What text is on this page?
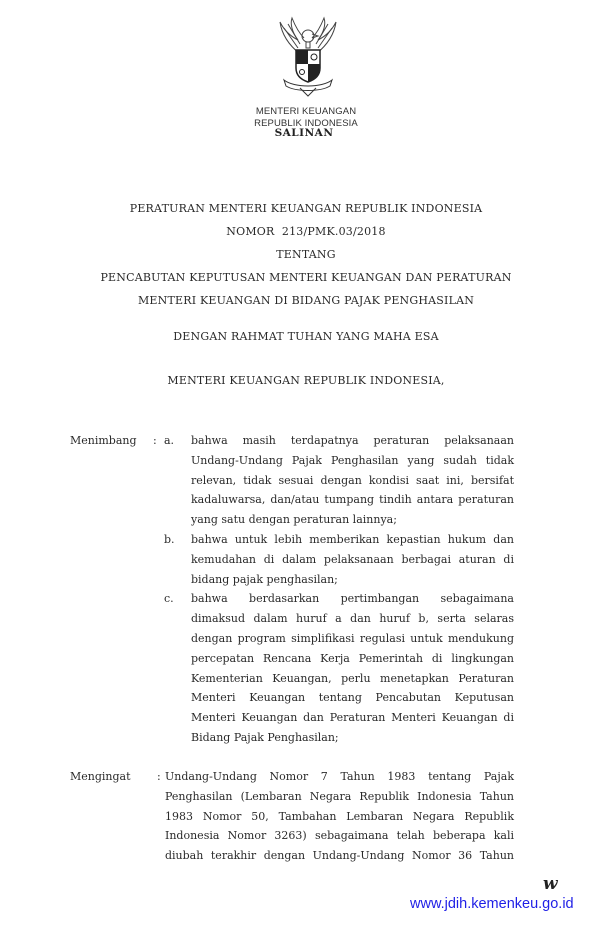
MENTERI KEUANGAN
REPUBLIK INDONESIA
SALINAN
PERATURAN MENTERI KEUANGAN REPUBLIK INDONESIA
NOMOR  213/PMK.03/2018
TENTANG
PENCABUTAN KEPUTUSAN MENTERI KEUANGAN DAN PERATURAN
MENTERI KEUANGAN DI BIDANG PAJAK PENGHASILAN
DENGAN RAHMAT TUHAN YANG MAHA ESA
MENTERI KEUANGAN REPUBLIK INDONESIA,
Menimbang : a. bahwa masih terdapatnya peraturan pelaksanaan
Undang-Undang Pajak Penghasilan yang sudah tidak
relevan, tidak sesuai dengan kondisi saat ini, bersifat
kadaluwarsa, dan/atau tumpang tindih antara peraturan
yang satu dengan peraturan lainnya;
b. bahwa untuk lebih memberikan kepastian hukum dan
kemudahan di dalam pelaksanaan berbagai aturan di
bidang pajak penghasilan;
c. bahwa berdasarkan pertimbangan sebagaimana
dimaksud dalam huruf a dan huruf b, serta selaras
dengan program simplifikasi regulasi untuk mendukung
percepatan Rencana Kerja Pemerintah di lingkungan
Kementerian Keuangan, perlu menetapkan Peraturan
Menteri Keuangan tentang Pencabutan Keputusan
Menteri Keuangan dan Peraturan Menteri Keuangan di
Bidang Pajak Penghasilan;
Mengingat : Undang-Undang Nomor 7 Tahun 1983 tentang Pajak
Penghasilan (Lembaran Negara Republik Indonesia Tahun
1983 Nomor 50, Tambahan Lembaran Negara Republik
Indonesia Nomor 3263) sebagaimana telah beberapa kali
diubah terakhir dengan Undang-Undang Nomor 36 Tahun
w
www.jdih.kemenkeu.go.id
